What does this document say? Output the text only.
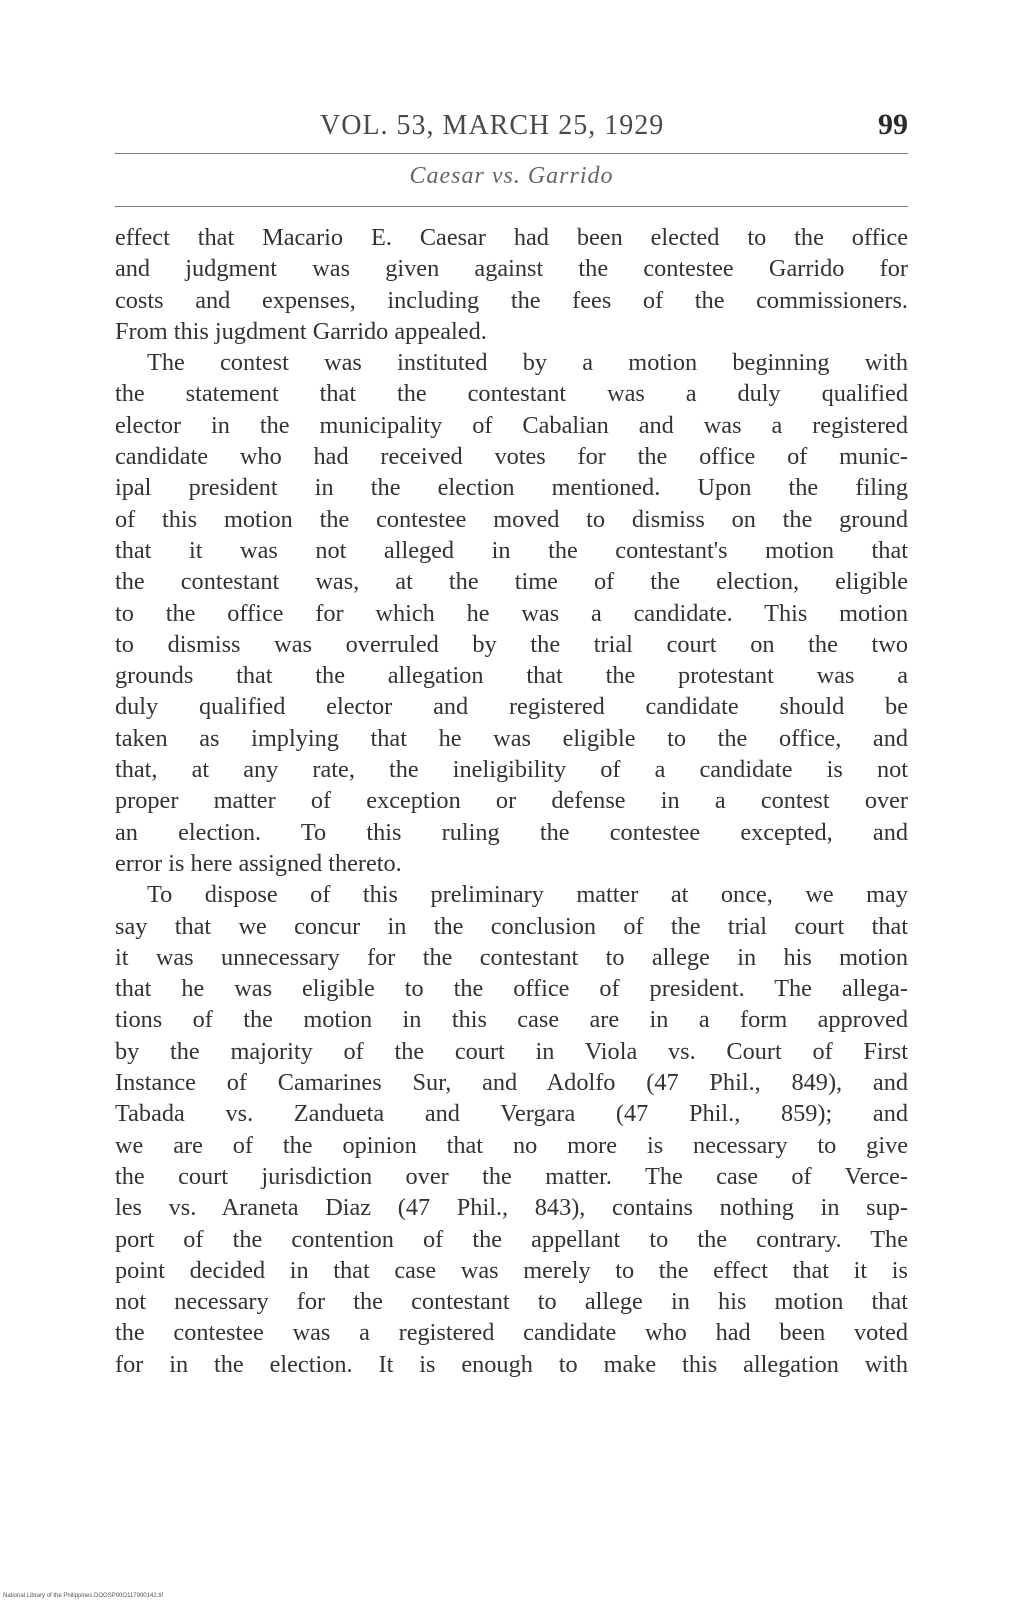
VOL. 53, MARCH 25, 1929	99
Caesar vs. Garrido
effect that Macario E. Caesar had been elected to the office
and judgment was given against the contestee Garrido for
costs and expenses, including the fees of the commissioners.
From this jugdment Garrido appealed.
The contest was instituted by a motion beginning with
the statement that the contestant was a duly qualified
elector in the municipality of Cabalian and was a registered
candidate who had received votes for the office of munic-
ipal president in the election mentioned. Upon the filing
of this motion the contestee moved to dismiss on the ground
that it was not alleged in the contestant's motion that
the contestant was, at the time of the election, eligible
to the office for which he was a candidate. This motion
to dismiss was overruled by the trial court on the two
grounds that the allegation that the protestant was a
duly qualified elector and registered candidate should be
taken as implying that he was eligible to the office, and
that, at any rate, the ineligibility of a candidate is not
proper matter of exception or defense in a contest over
an election. To this ruling the contestee excepted, and
error is here assigned thereto.
To dispose of this preliminary matter at once, we may
say that we concur in the conclusion of the trial court that
it was unnecessary for the contestant to allege in his motion
that he was eligible to the office of president. The allega-
tions of the motion in this case are in a form approved
by the majority of the court in Viola vs. Court of First
Instance of Camarines Sur, and Adolfo (47 Phil., 849), and
Tabada vs. Zandueta and Vergara (47 Phil., 859); and
we are of the opinion that no more is necessary to give
the court jurisdiction over the matter. The case of Verce-
les vs. Araneta Diaz (47 Phil., 843), contains nothing in sup-
port of the contention of the appellant to the contrary. The
point decided in that case was merely to the effect that it is
not necessary for the contestant to allege in his motion that
the contestee was a registered candidate who had been voted
for in the election. It is enough to make this allegation with
National Library of the Philippines DOOSP00O117900142.tif
